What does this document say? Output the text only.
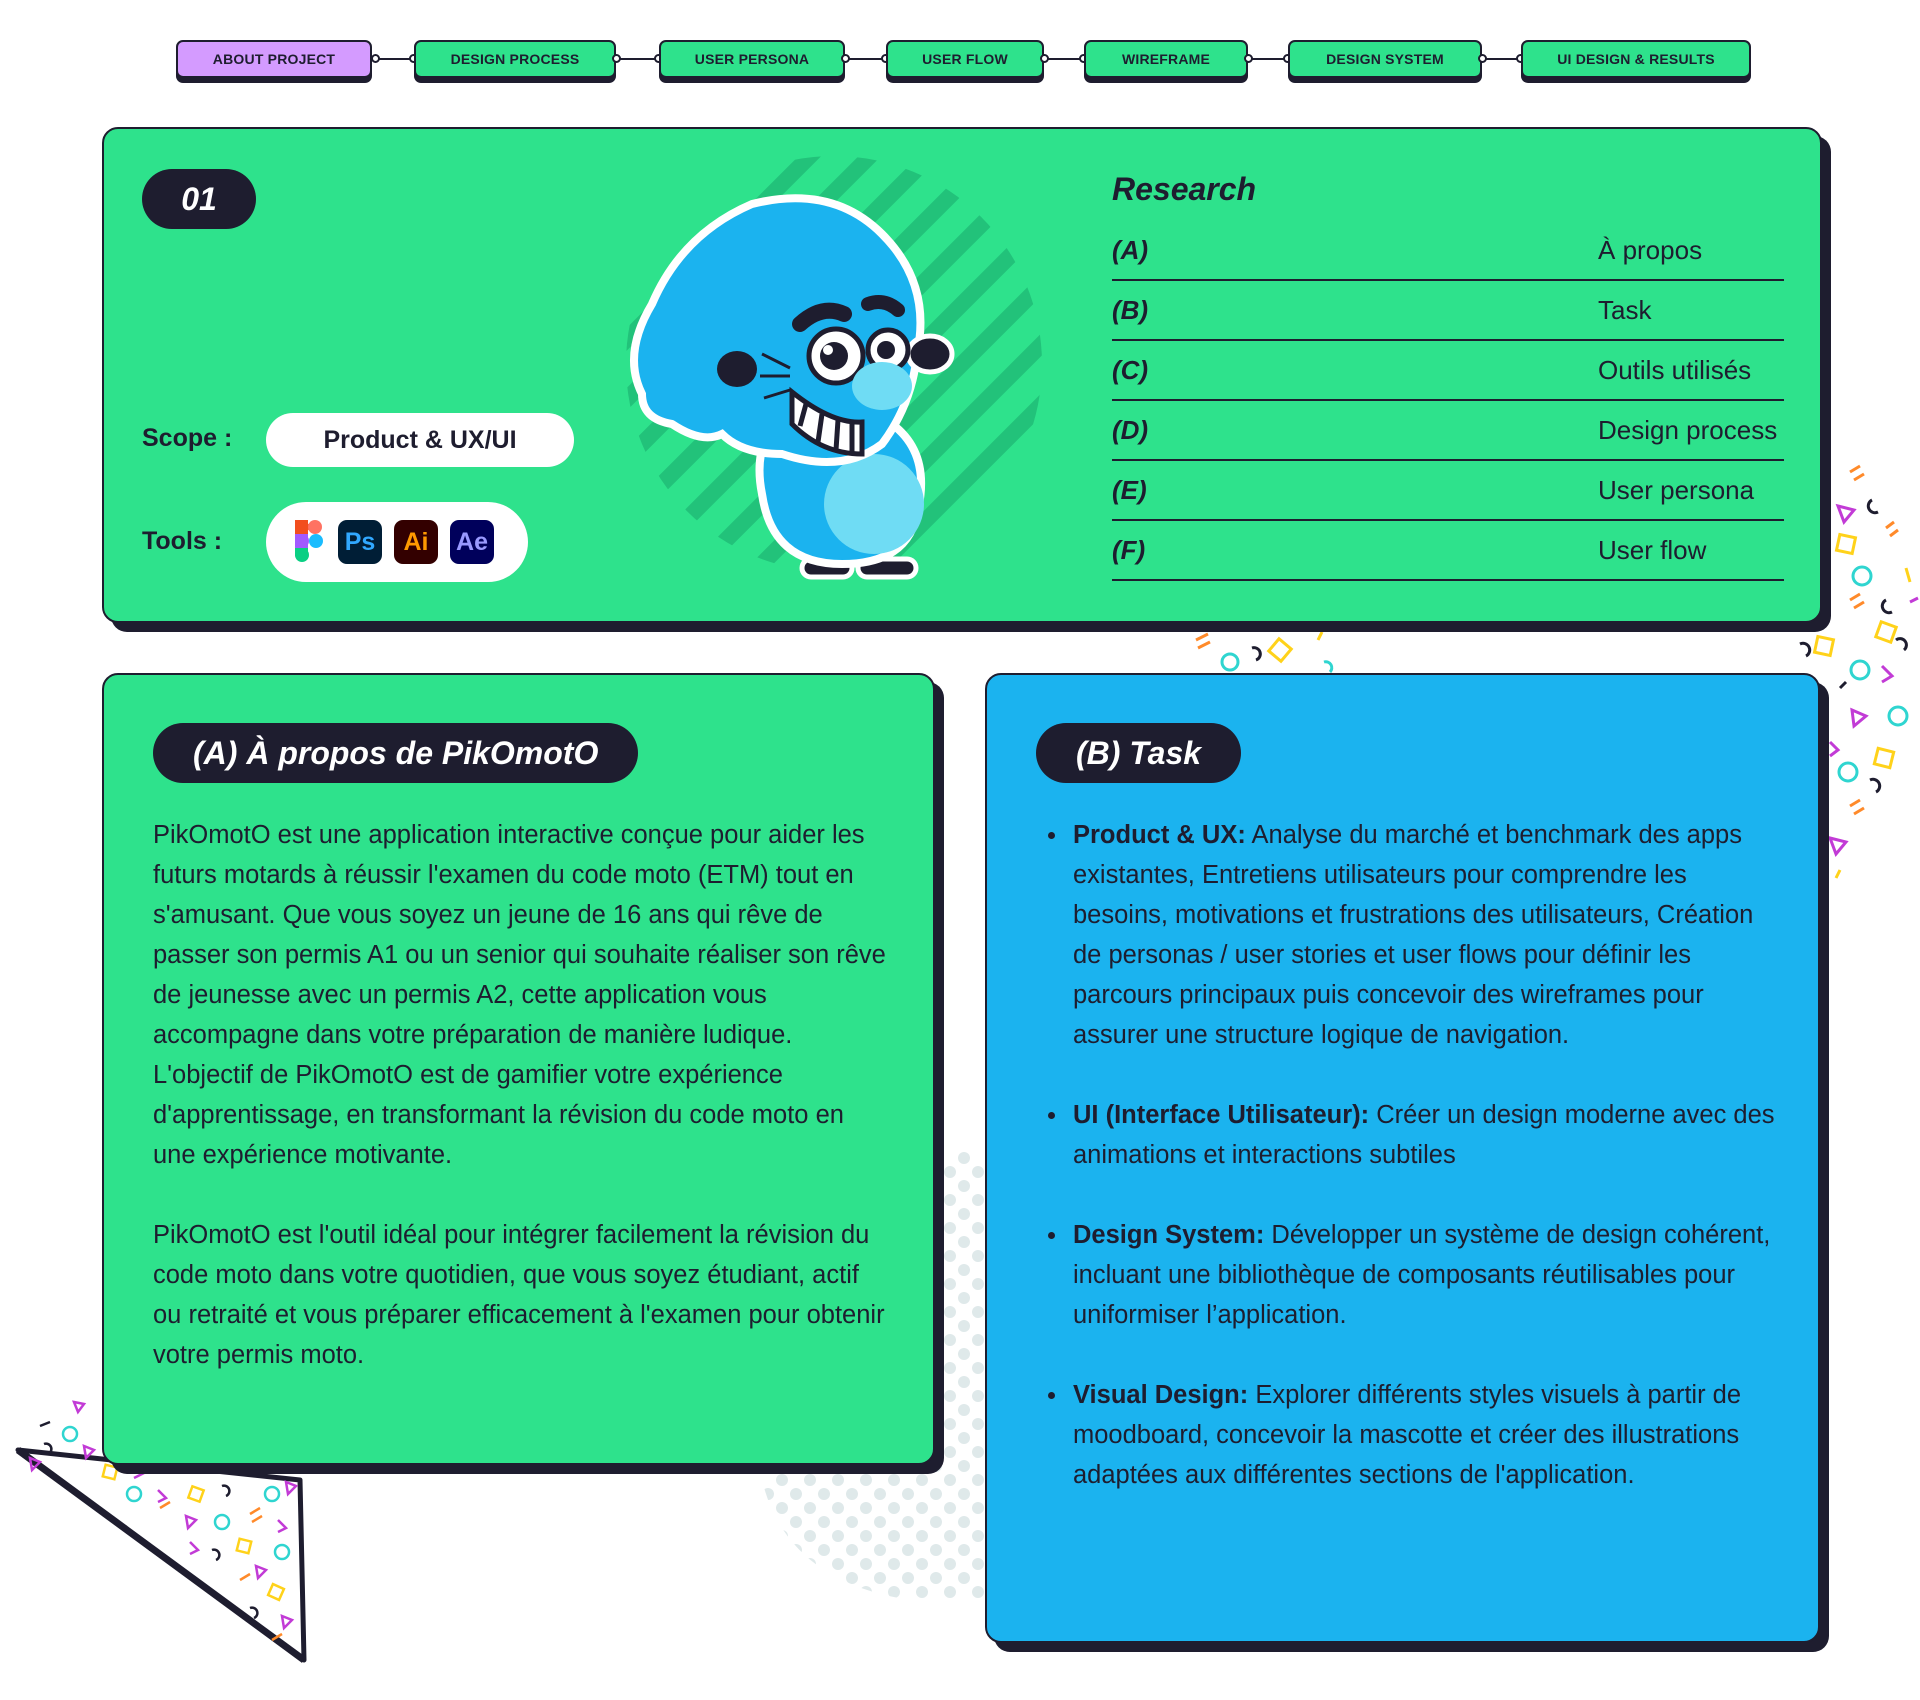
ABOUT PROJECT	DESIGN PROCESS	USER PERSONA	USER FLOW	WIREFRAME	DESIGN SYSTEM	UI DESIGN & RESULTS
01
Scope :	Product & UX/UI
Tools :	Ps	Ai	Ae
Research
(A)	À propos
(B)	Task
(C)	Outils utilisés
(D)	Design process
(E)	User persona
(F)	User flow
(A) À propos de PikOmotO

PikOmotO est une application interactive conçue pour aider les futurs motards à réussir l'examen du code moto (ETM) tout en s'amusant. Que vous soyez un jeune de 16 ans qui rêve de passer son permis A1 ou un senior qui souhaite réaliser son rêve de jeunesse avec un permis A2, cette application vous accompagne dans votre préparation de manière ludique.

L'objectif de PikOmotO est de gamifier votre expérience d'apprentissage, en transformant la révision du code moto en une expérience motivante.

PikOmotO est l'outil idéal pour intégrer facilement la révision du code moto dans votre quotidien, que vous soyez étudiant, actif ou retraité et vous préparer efficacement à l'examen pour obtenir votre permis moto.

(B) Task
Product & UX: Analyse du marché et benchmark des apps existantes, Entretiens utilisateurs pour comprendre les besoins, motivations et frustrations des utilisateurs, Création de personas / user stories et user flows pour définir les parcours principaux puis concevoir des wireframes pour assurer une structure logique de navigation.
UI (Interface Utilisateur): Créer un design moderne avec des animations et interactions subtiles
Design System: Développer un système de design cohérent, incluant une bibliothèque de composants réutilisables pour uniformiser l’application.
Visual Design: Explorer différents styles visuels à partir de moodboard, concevoir la mascotte et créer des illustrations adaptées aux différentes sections de l'application.
